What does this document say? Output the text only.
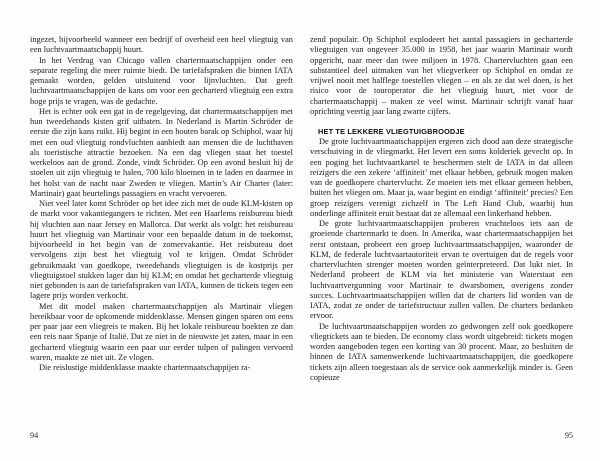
ingezet, bijvoorbeeld wanneer een bedrijf of overheid een heel vliegtuig van een luchtvaartmaatschappij huurt.

In het Verdrag van Chicago vallen chartermaatschappijen onder een separate regeling die meer ruimte biedt. De tariefafspraken die binnen IATA gemaakt worden, gelden uitsluitend voor lijnvluchten. Dat geeft luchtvaartmaatschappijen de kans om voor een gecharterd vliegtuig een extra hoge prijs te vragen, was de gedachte.

Het is echter ook een gat in de regelgeving, dat chartermaatschappijen met hun tweedehands kisten grif uitbaten. In Nederland is Martin Schröder de eerste die zijn kans ruikt. Hij begint in een houten barak op Schiphol, waar hij met een oud vliegtuig rondvluchten aanbiedt aan mensen die de luchthaven als toeristische attractie bezoeken. Na een dag vliegen staat het toestel werkeloos aan de grond. Zonde, vindt Schröder. Op een avond besluit hij de stoelen uit zijn vliegtuig te halen, 700 kilo bloemen in te laden en daarmee in het holst van de nacht naar Zweden te vliegen. Martin’s Air Charter (later: Martinair) gaat beurtelings passagiers en vracht vervoeren.

Niet veel later komt Schröder op het idee zich met de oude KLM-kisten op de markt voor vakantiegangers te richten. Met een Haarlems reisbureau biedt hij vluchten aan naar Jersey en Mallorca. Dat werkt als volgt: het reisbureau huurt het vliegtuig van Martinair voor een bepaalde datum in de toekomst, bijvoorbeeld in het begin van de zomervakantie. Het reisbureau doet vervolgens zijn best het vliegtuig vol te krijgen. Omdat Schröder gebruikmaakt van goedkope, tweedehands vliegtuigen is de kostprijs per vliegtuigstoel stukken lager dan bij KLM; en omdat het gecharterde vliegtuig niet gebonden is aan de tariefafspraken van IATA, kunnen de tickets tegen een lagere prijs worden verkocht.

Met dit model maken chartermaatschappijen als Martinair vliegen bereikbaar voor de opkomende middenklasse. Mensen gingen sparen om eens per paar jaar een vliegreis te maken. Bij het lokale reisbureau boekten ze dan een reis naar Spanje of Italië. Dat ze niet in de nieuwste jet zaten, maar in een gecharterd vliegtuig waarin een paar uur eerder tulpen of palingen vervoerd waren, maakte ze niet uit. Ze vlogen.

Die reislustige middenklasse maakte chartermaatschappijen ra-

zend populair. Op Schiphol explodeert het aantal passagiers in gecharterde vliegtuigen van ongeveer 35.000 in 1958, het jaar waarin Martinair wordt opgericht, naar meer dan twee miljoen in 1978. Chartervluchten gaan een substantieel deel uitmaken van het vliegverkeer op Schiphol en omdat ze vrijwel nooit met halflege toestellen vliegen – en als ze dat wel doen, is het risico voor de touroperator die het vliegtuig huurt, niet voor de chartermaatschappij – maken ze veel winst. Martinair schrijft vanaf haar oprichting veertig jaar lang zwarte cijfers.

HET TE LEKKERE VLIEGTUIGBROODJE

De grote luchtvaartmaatschappijen ergeren zich dood aan deze strategische verschuiving in de vliegmarkt. Het levert een soms kolderiek gevecht op. In een poging het luchtvaartkartel te beschermen stelt de IATA in dat alleen reizigers die een zekere ‘affiniteit’ met elkaar hebben, gebruik mogen maken van de goedkopere chartervlucht. Ze moeten iets met elkaar gemeen hebben, buiten het vliegen om. Maar ja, waar begint en eindigt ‘affiniteit’ precies? Een groep reizigers verenigt zichzelf in The Left Hand Club, waarbij hun onderlinge affiniteit eruit bestaat dat ze allemaal een linkerhand hebben.

De grote luchtvaartmaatschappijen proberen vruchteloos iets aan de groeiende chartermarkt te doen. In Amerika, waar chartermaatschappijen het eerst ontstaan, probeert een groep luchtvaartmaatschappijen, waaronder de KLM, de federale luchtvaartautoriteit ervan te overtuigen dat de regels voor chartervluchten strenger moeten worden geïnterpreteerd. Dat lukt niet. In Nederland probeert de KLM via het ministerie van Waterstaat een luchtvaartvergunning voor Martinair te dwarsbomen, overigens zonder succes. Luchtvaartmaatschappijen willen dat de charters lid worden van de IATA, zodat ze onder de tariefstructuur zullen vallen. De charters bedanken ervoor.

De luchtvaartmaatschappijen worden zo gedwongen zelf ook goedkopere vliegtickets aan te bieden. De economy class wordt uitgebreid: tickets mogen worden aangeboden tegen een korting van 30 procent. Maar, zo besluiten de binnen de IATA samenwerkende luchtvaartmaatschappijen, die goedkopere tickets zijn alleen toegestaan als de service ook aanmerkelijk minder is. Geen copieuze

94	95
